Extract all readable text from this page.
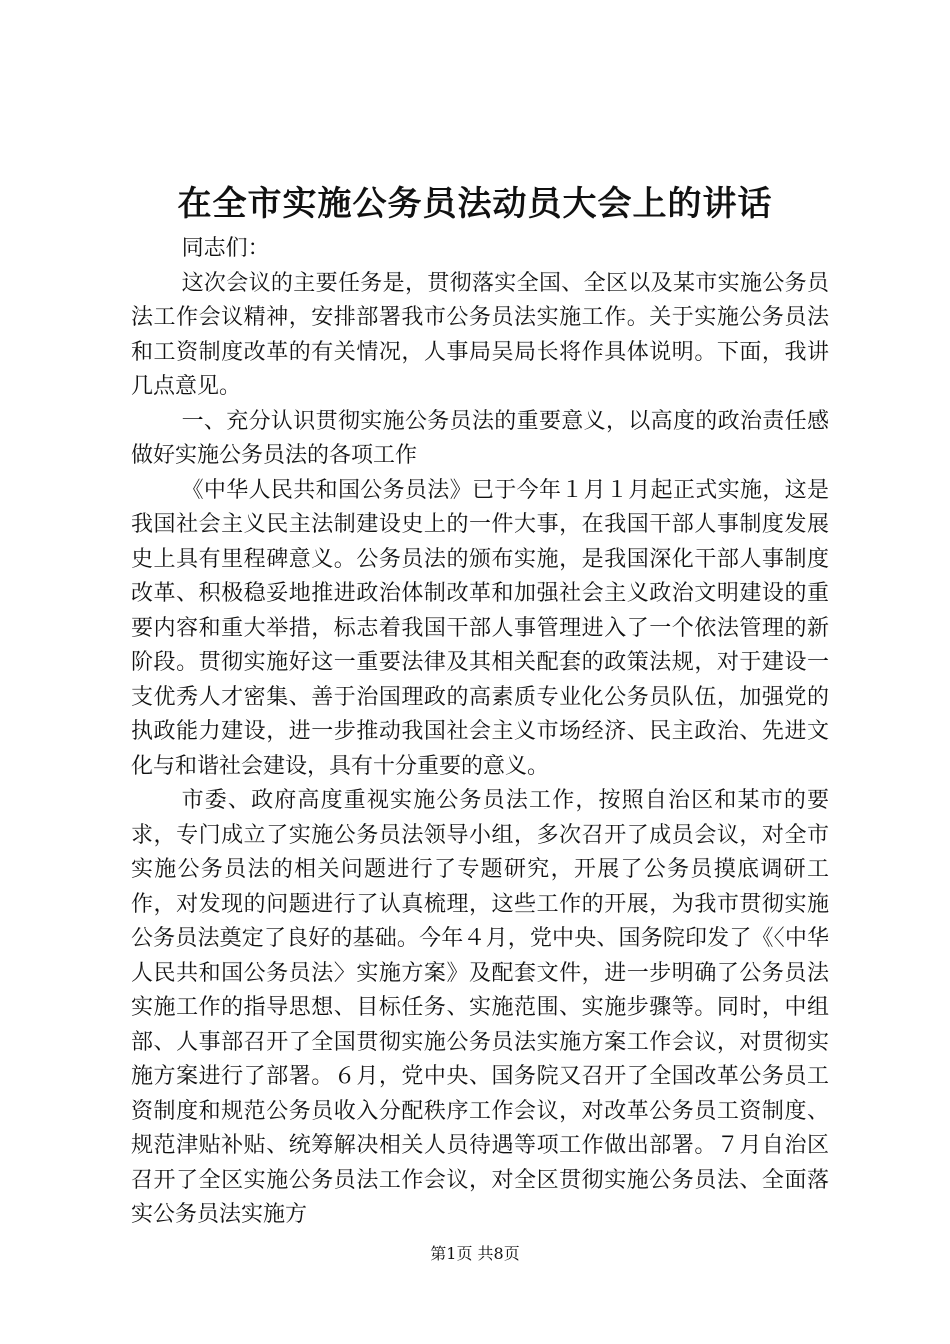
在全市实施公务员法动员大会上的讲话

同志们：

这次会议的主要任务是，贯彻落实全国、全区以及某市实施公务员法工作会议精神，安排部署我市公务员法实施工作。关于实施公务员法和工资制度改革的有关情况，人事局吴局长将作具体说明。下面，我讲几点意见。

一、充分认识贯彻实施公务员法的重要意义，以高度的政治责任感做好实施公务员法的各项工作

《中华人民共和国公务员法》已于今年１月１月起正式实施，这是我国社会主义民主法制建设史上的一件大事，在我国干部人事制度发展史上具有里程碑意义。公务员法的颁布实施，是我国深化干部人事制度改革、积极稳妥地推进政治体制改革和加强社会主义政治文明建设的重要内容和重大举措，标志着我国干部人事管理进入了一个依法管理的新阶段。贯彻实施好这一重要法律及其相关配套的政策法规，对于建设一支优秀人才密集、善于治国理政的高素质专业化公务员队伍，加强党的执政能力建设，进一步推动我国社会主义市场经济、民主政治、先进文化与和谐社会建设，具有十分重要的意义。

市委、政府高度重视实施公务员法工作，按照自治区和某市的要求，专门成立了实施公务员法领导小组，多次召开了成员会议，对全市实施公务员法的相关问题进行了专题研究，开展了公务员摸底调研工作，对发现的问题进行了认真梳理，这些工作的开展，为我市贯彻实施公务员法奠定了良好的基础。今年４月，党中央、国务院印发了《〈中华人民共和国公务员法〉实施方案》及配套文件，进一步明确了公务员法实施工作的指导思想、目标任务、实施范围、实施步骤等。同时，中组部、人事部召开了全国贯彻实施公务员法实施方案工作会议，对贯彻实施方案进行了部署。６月，党中央、国务院又召开了全国改革公务员工资制度和规范公务员收入分配秩序工作会议，对改革公务员工资制度、规范津贴补贴、统筹解决相关人员待遇等项工作做出部署。７月自治区召开了全区实施公务员法工作会议，对全区贯彻实施公务员法、全面落实公务员法实施方

第1页 共8页
